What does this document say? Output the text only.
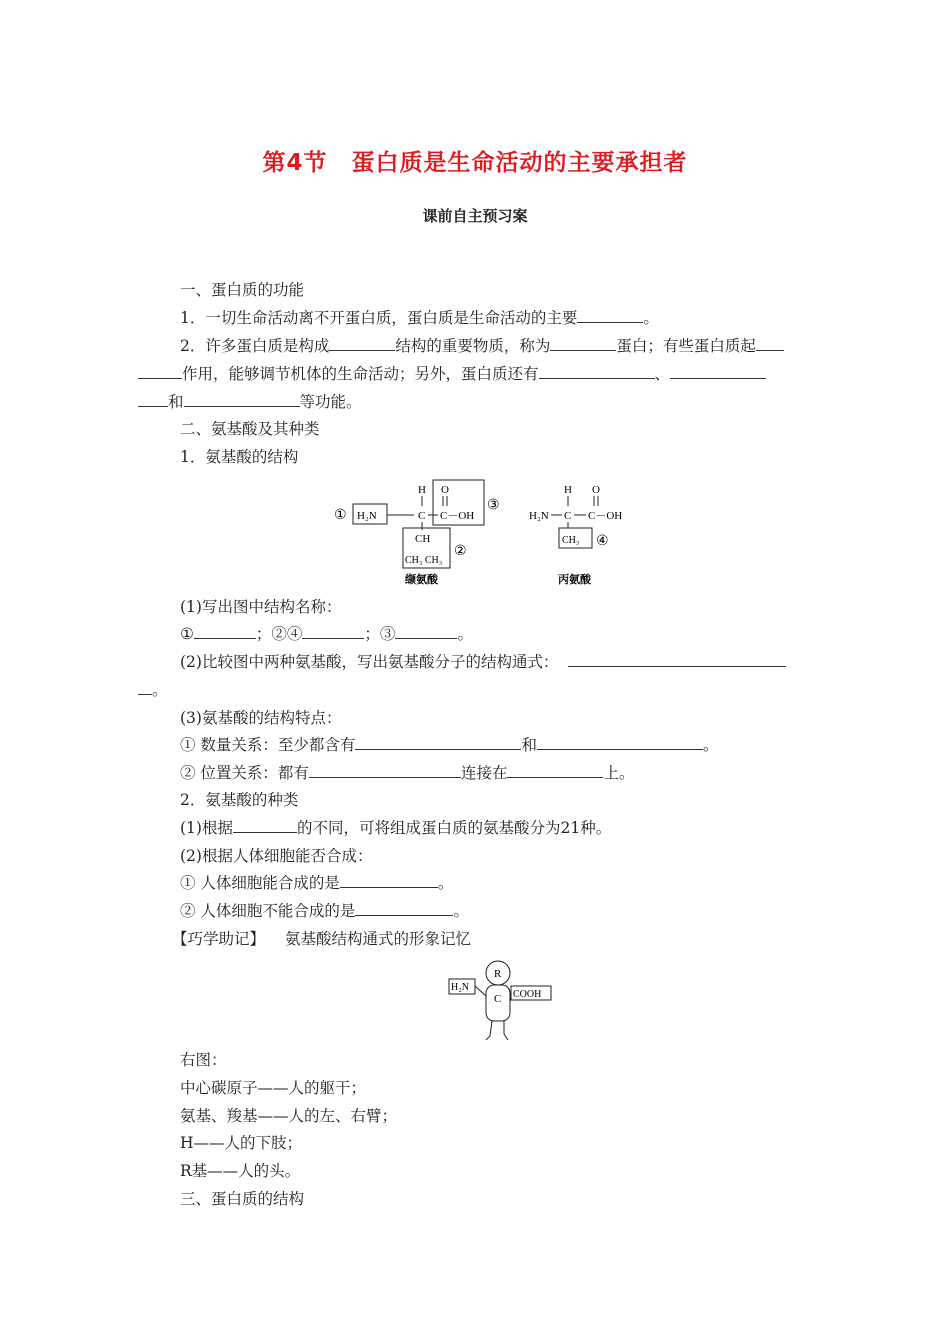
第4节　蛋白质是生命活动的主要承担者
课前自主预习案
一、蛋白质的功能
1．一切生命活动离不开蛋白质，蛋白质是生命活动的主要	。
2．许多蛋白质是构成	结构的重要物质，称为	蛋白；有些蛋白质起
作用，能够调节机体的生命活动；另外，蛋白质还有	、
和	等功能。
二、氨基酸及其种类
1．氨基酸的结构
① H₂N
H
C
O
C－OH
CH
CH₃ CH₃
②
③
缬氨酸
H₂N
H
C
O
C－OH
CH₃ ④
丙氨酸
(1)写出图中结构名称：
①	；②④	；③	。
(2)比较图中两种氨基酸，写出氨基酸分子的结构通式：
。
(3)氨基酸的结构特点：
① 数量关系：至少都含有	和	。
② 位置关系：都有	连接在	上。
2．氨基酸的种类
(1)根据	的不同，可将组成蛋白质的氨基酸分为21种。
(2)根据人体细胞能否合成：
① 人体细胞能合成的是	。
② 人体细胞不能合成的是	。
【巧学助记】 氨基酸结构通式的形象记忆
R
C
H₂N
COOH
右图：
中心碳原子——人的躯干；
氨基、羧基——人的左、右臂；
H——人的下肢；
R基——人的头。
三、蛋白质的结构
